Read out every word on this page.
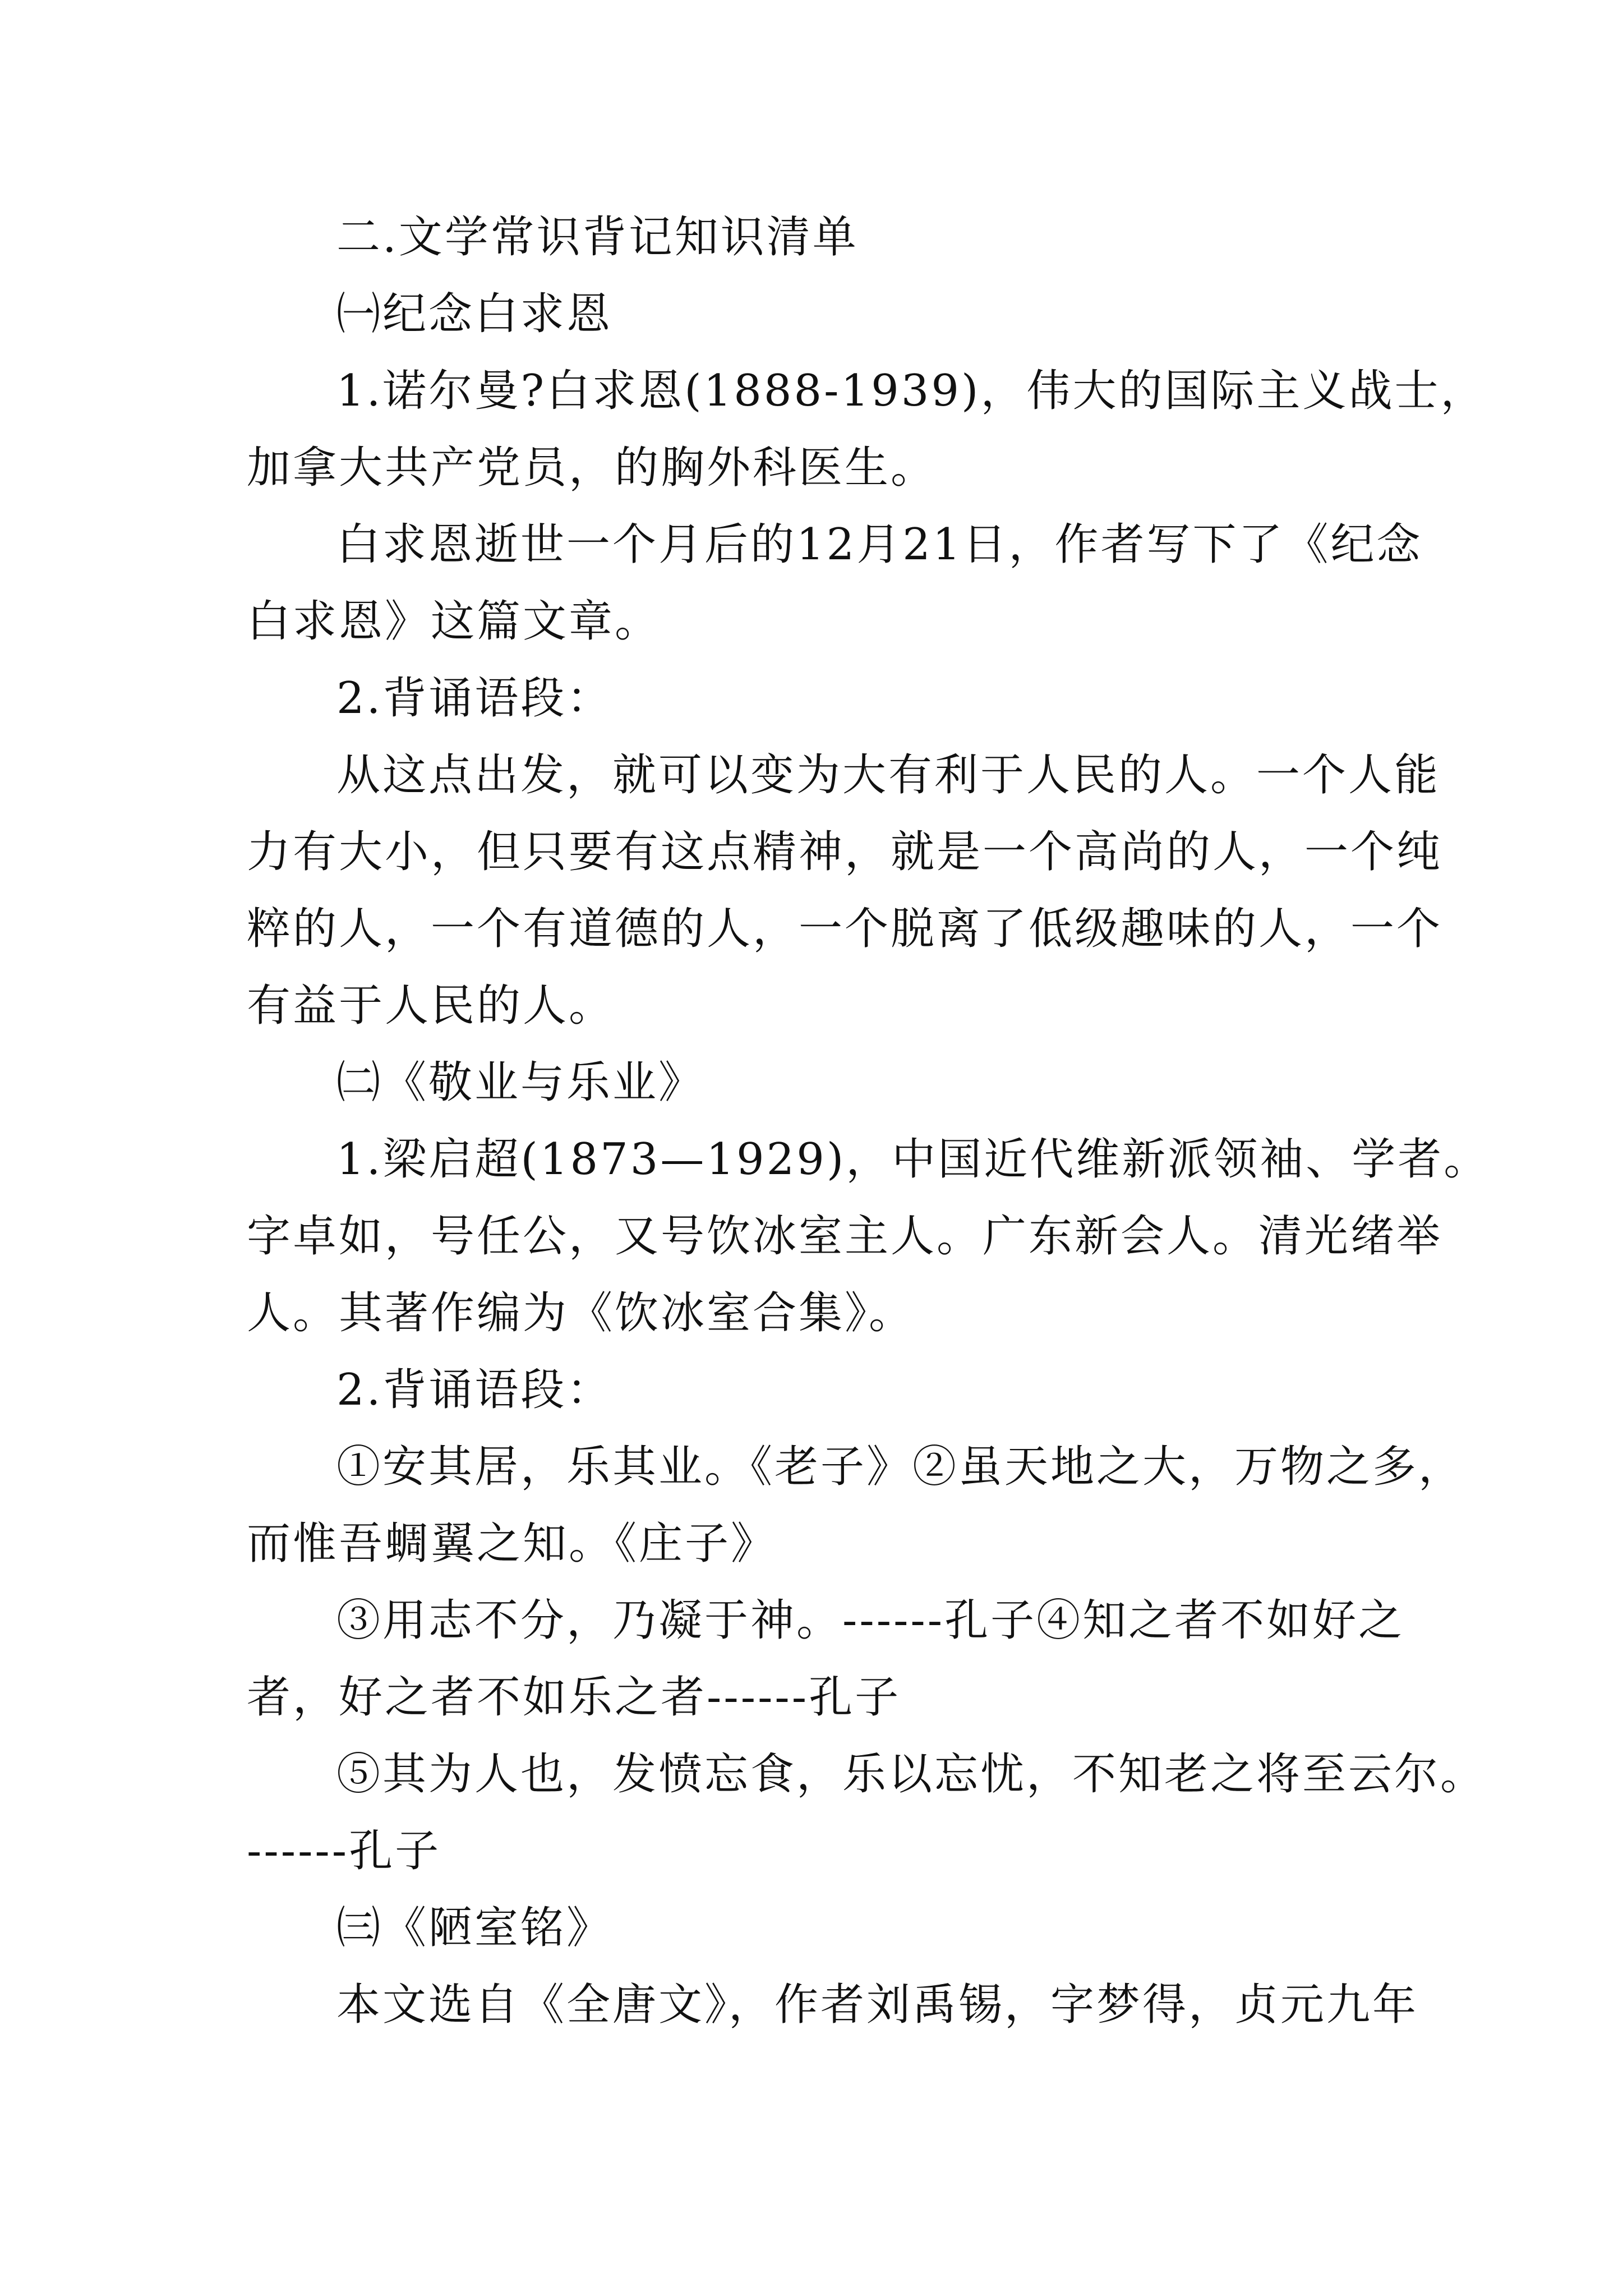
二.文学常识背记知识清单
㈠纪念白求恩
1.诺尔曼?白求恩(1888-1939)，伟大的国际主义战士，
加拿大共产党员，的胸外科医生。
白求恩逝世一个月后的12月21日，作者写下了《纪念
白求恩》这篇文章。
2.背诵语段：
从这点出发，就可以变为大有利于人民的人。一个人能
力有大小，但只要有这点精神，就是一个高尚的人，一个纯
粹的人，一个有道德的人，一个脱离了低级趣味的人，一个
有益于人民的人。
㈡《敬业与乐业》
1.梁启超(1873—1929)，中国近代维新派领袖、学者。
字卓如，号任公，又号饮冰室主人。广东新会人。清光绪举
人。其著作编为《饮冰室合集》。
2.背诵语段：
①安其居，乐其业。《老子》②虽天地之大，万物之多，
而惟吾蜩翼之知。《庄子》
③用志不分，乃凝于神。------孔子④知之者不如好之
者，好之者不如乐之者------孔子
⑤其为人也，发愤忘食，乐以忘忧，不知老之将至云尔。
------孔子
㈢《陋室铭》
本文选自《全唐文》，作者刘禹锡，字梦得，贞元九年
